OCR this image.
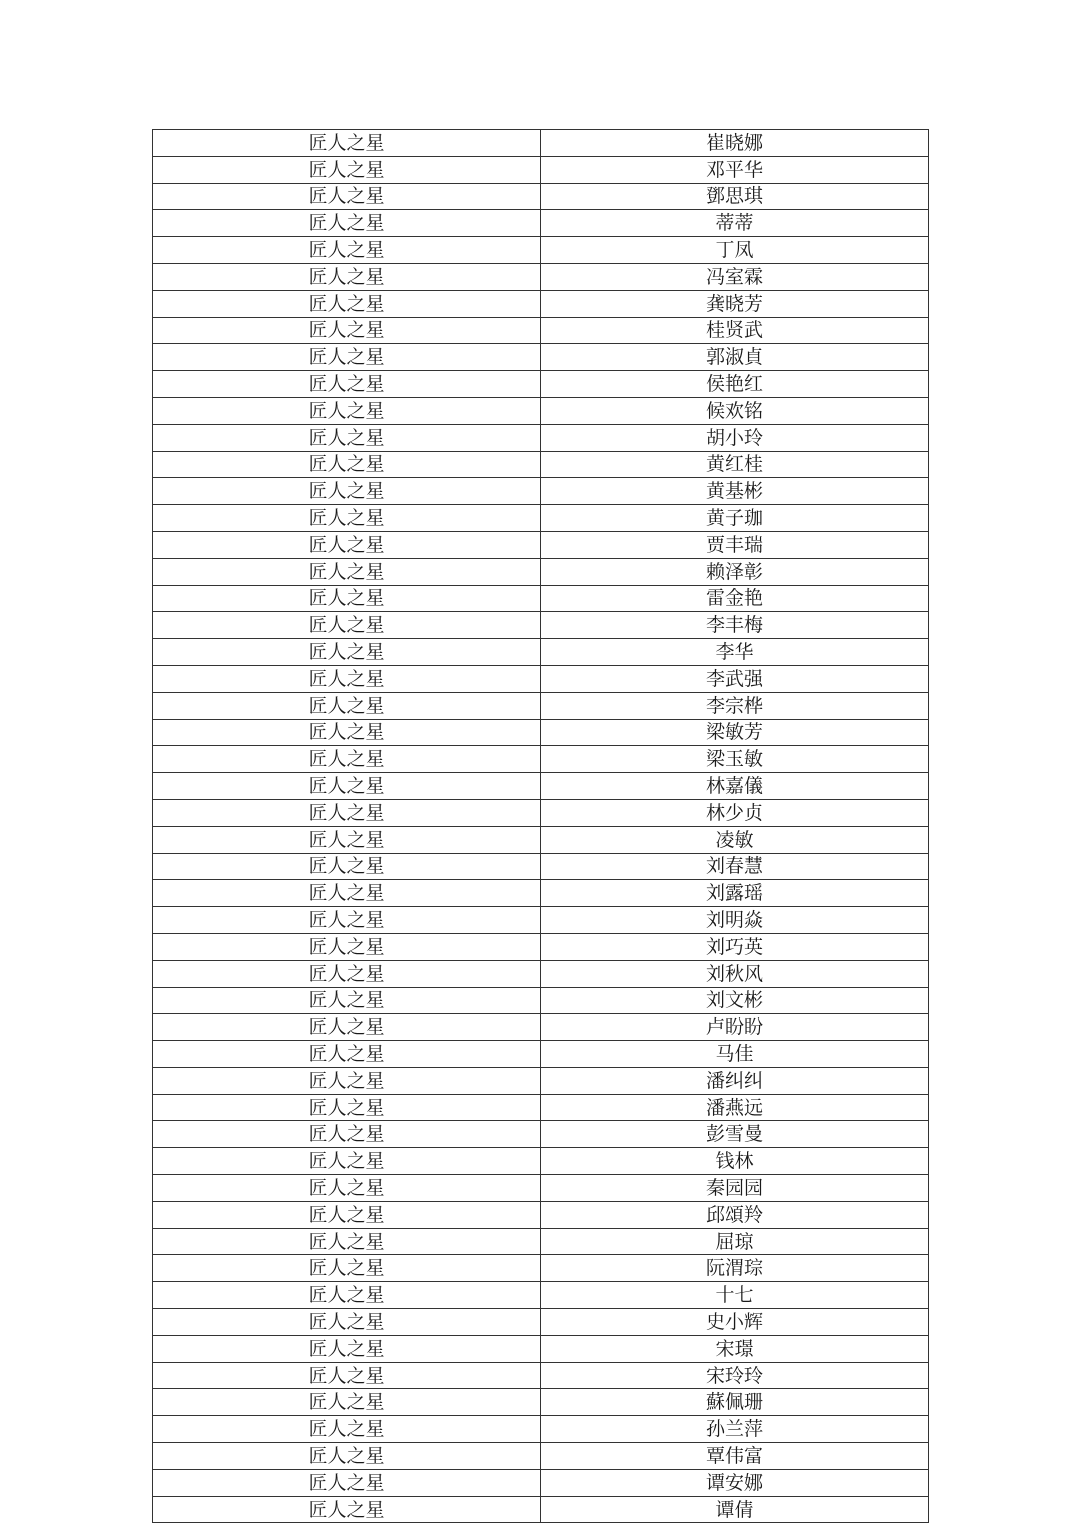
匠人之星	崔晓娜
匠人之星	邓平华
匠人之星	鄧思琪
匠人之星	蒂蒂
匠人之星	丁凤
匠人之星	冯室霖
匠人之星	龚晓芳
匠人之星	桂贤武
匠人之星	郭淑貞
匠人之星	侯艳红
匠人之星	候欢铭
匠人之星	胡小玲
匠人之星	黄红桂
匠人之星	黄基彬
匠人之星	黄子珈
匠人之星	贾丰瑞
匠人之星	赖泽彰
匠人之星	雷金艳
匠人之星	李丰梅
匠人之星	李华
匠人之星	李武强
匠人之星	李宗桦
匠人之星	梁敏芳
匠人之星	梁玉敏
匠人之星	林嘉儀
匠人之星	林少贞
匠人之星	凌敏
匠人之星	刘春慧
匠人之星	刘露瑶
匠人之星	刘明焱
匠人之星	刘巧英
匠人之星	刘秋风
匠人之星	刘文彬
匠人之星	卢盼盼
匠人之星	马佳
匠人之星	潘纠纠
匠人之星	潘燕远
匠人之星	彭雪曼
匠人之星	钱林
匠人之星	秦园园
匠人之星	邱頌羚
匠人之星	屈琼
匠人之星	阮渭琮
匠人之星	十七
匠人之星	史小辉
匠人之星	宋璟
匠人之星	宋玲玲
匠人之星	蘇佩珊
匠人之星	孙兰萍
匠人之星	覃伟富
匠人之星	谭安娜
匠人之星	谭倩
